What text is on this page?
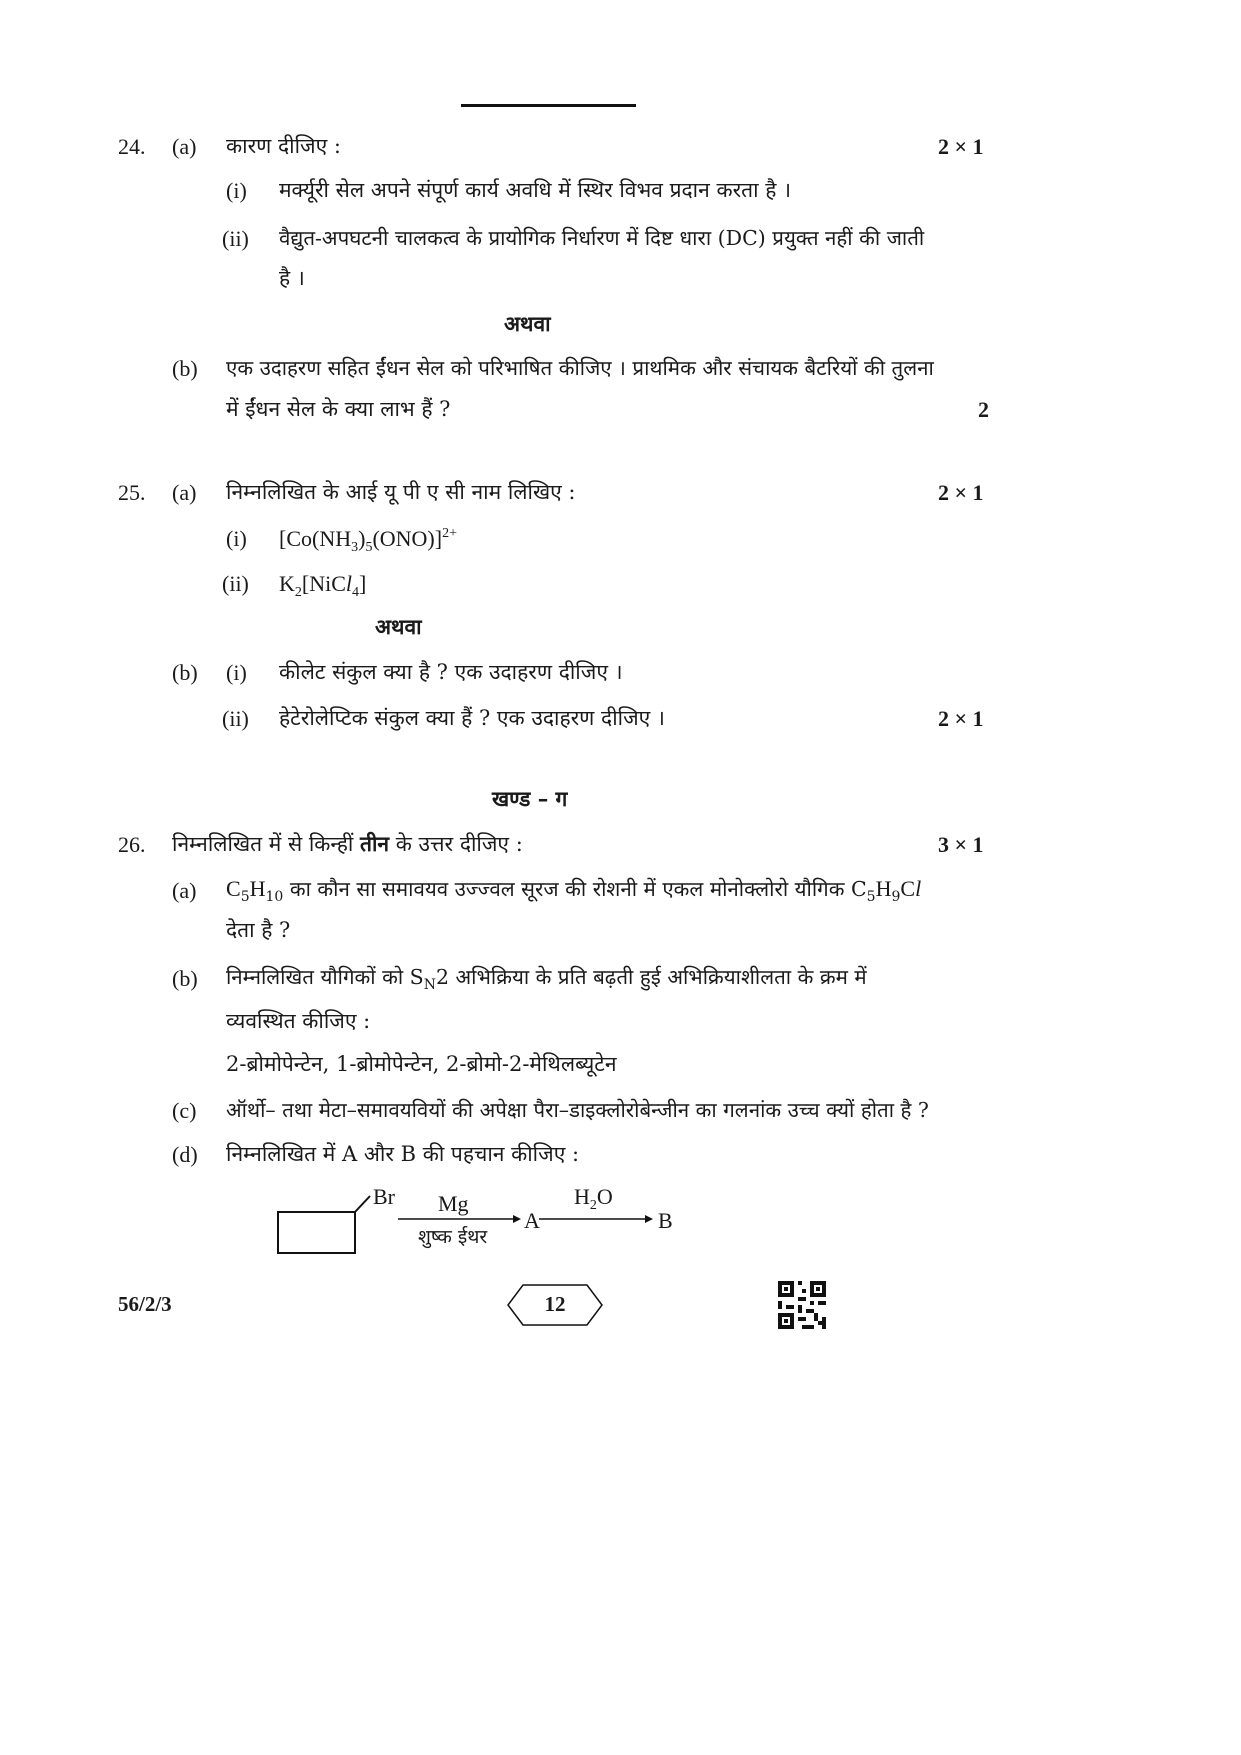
24. (a) कारण दीजिए :	2 × 1
(i) मर्क्यूरी सेल अपने संपूर्ण कार्य अवधि में स्थिर विभव प्रदान करता है ।
(ii) वैद्युत-अपघटनी चालकत्व के प्रायोगिक निर्धारण में दिष्ट धारा (DC) प्रयुक्त नहीं की जाती
है ।
अथवा
(b) एक उदाहरण सहित ईंधन सेल को परिभाषित कीजिए । प्राथमिक और संचायक बैटरियों की तुलना
में ईंधन सेल के क्या लाभ हैं ?	2
25. (a) निम्नलिखित के आई यू पी ए सी नाम लिखिए :	2 × 1
(i) $[Co(NH_3)_5(ONO)]^{2+}$
(ii) $K_2[NiCl_4]$
अथवा
(b) (i) कीलेट संकुल क्या है ? एक उदाहरण दीजिए ।
(ii) हेटेरोलेप्टिक संकुल क्या हैं ? एक उदाहरण दीजिए ।	2 × 1
खण्ड – ग
26. निम्नलिखित में से किन्हीं तीन के उत्तर दीजिए :	3 × 1
(a) $C_5H_{10}$ का कौन सा समावयव उज्ज्वल सूरज की रोशनी में एकल मोनोक्लोरो यौगिक $C_5H_9Cl$
देता है ?
(b) निम्नलिखित यौगिकों को $S_N2$ अभिक्रिया के प्रति बढ़ती हुई अभिक्रियाशीलता के क्रम में
व्यवस्थित कीजिए :
2-ब्रोमोपेन्टेन, 1-ब्रोमोपेन्टेन, 2-ब्रोमो-2-मेथिलब्यूटेन
(c) ऑर्थो– तथा मेटा–समावयवियों की अपेक्षा पैरा–डाइक्लोरोबेन्जीन का गलनांक उच्च क्यों होता है ?
(d) निम्नलिखित में A और B की पहचान कीजिए :
Br Mg
शुष्क ईथर
A
$H_2O$
B
56/2/3	12
